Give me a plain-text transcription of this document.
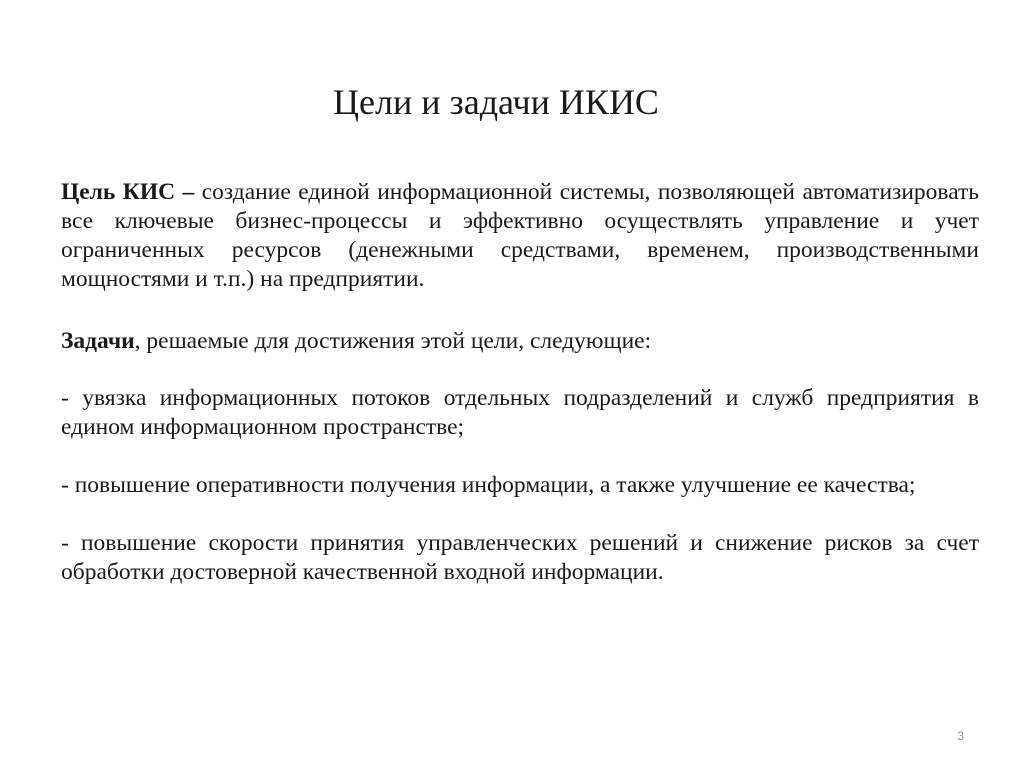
Цели и задачи ИКИС

Цель КИС – создание единой информационной системы, позволяющей автоматизировать все ключевые бизнес-процессы и эффективно осуществлять управление и учет ограниченных ресурсов (денежными средствами, временем, производственными мощностями и т.п.) на предприятии.

Задачи, решаемые для достижения этой цели, следующие:

- увязка информационных потоков отдельных подразделений и служб предприятия в едином информационном пространстве;

- повышение оперативности получения информации, а также улучшение ее качества;

- повышение скорости принятия управленческих решений и снижение рисков за счет обработки достоверной качественной входной информации.

3
